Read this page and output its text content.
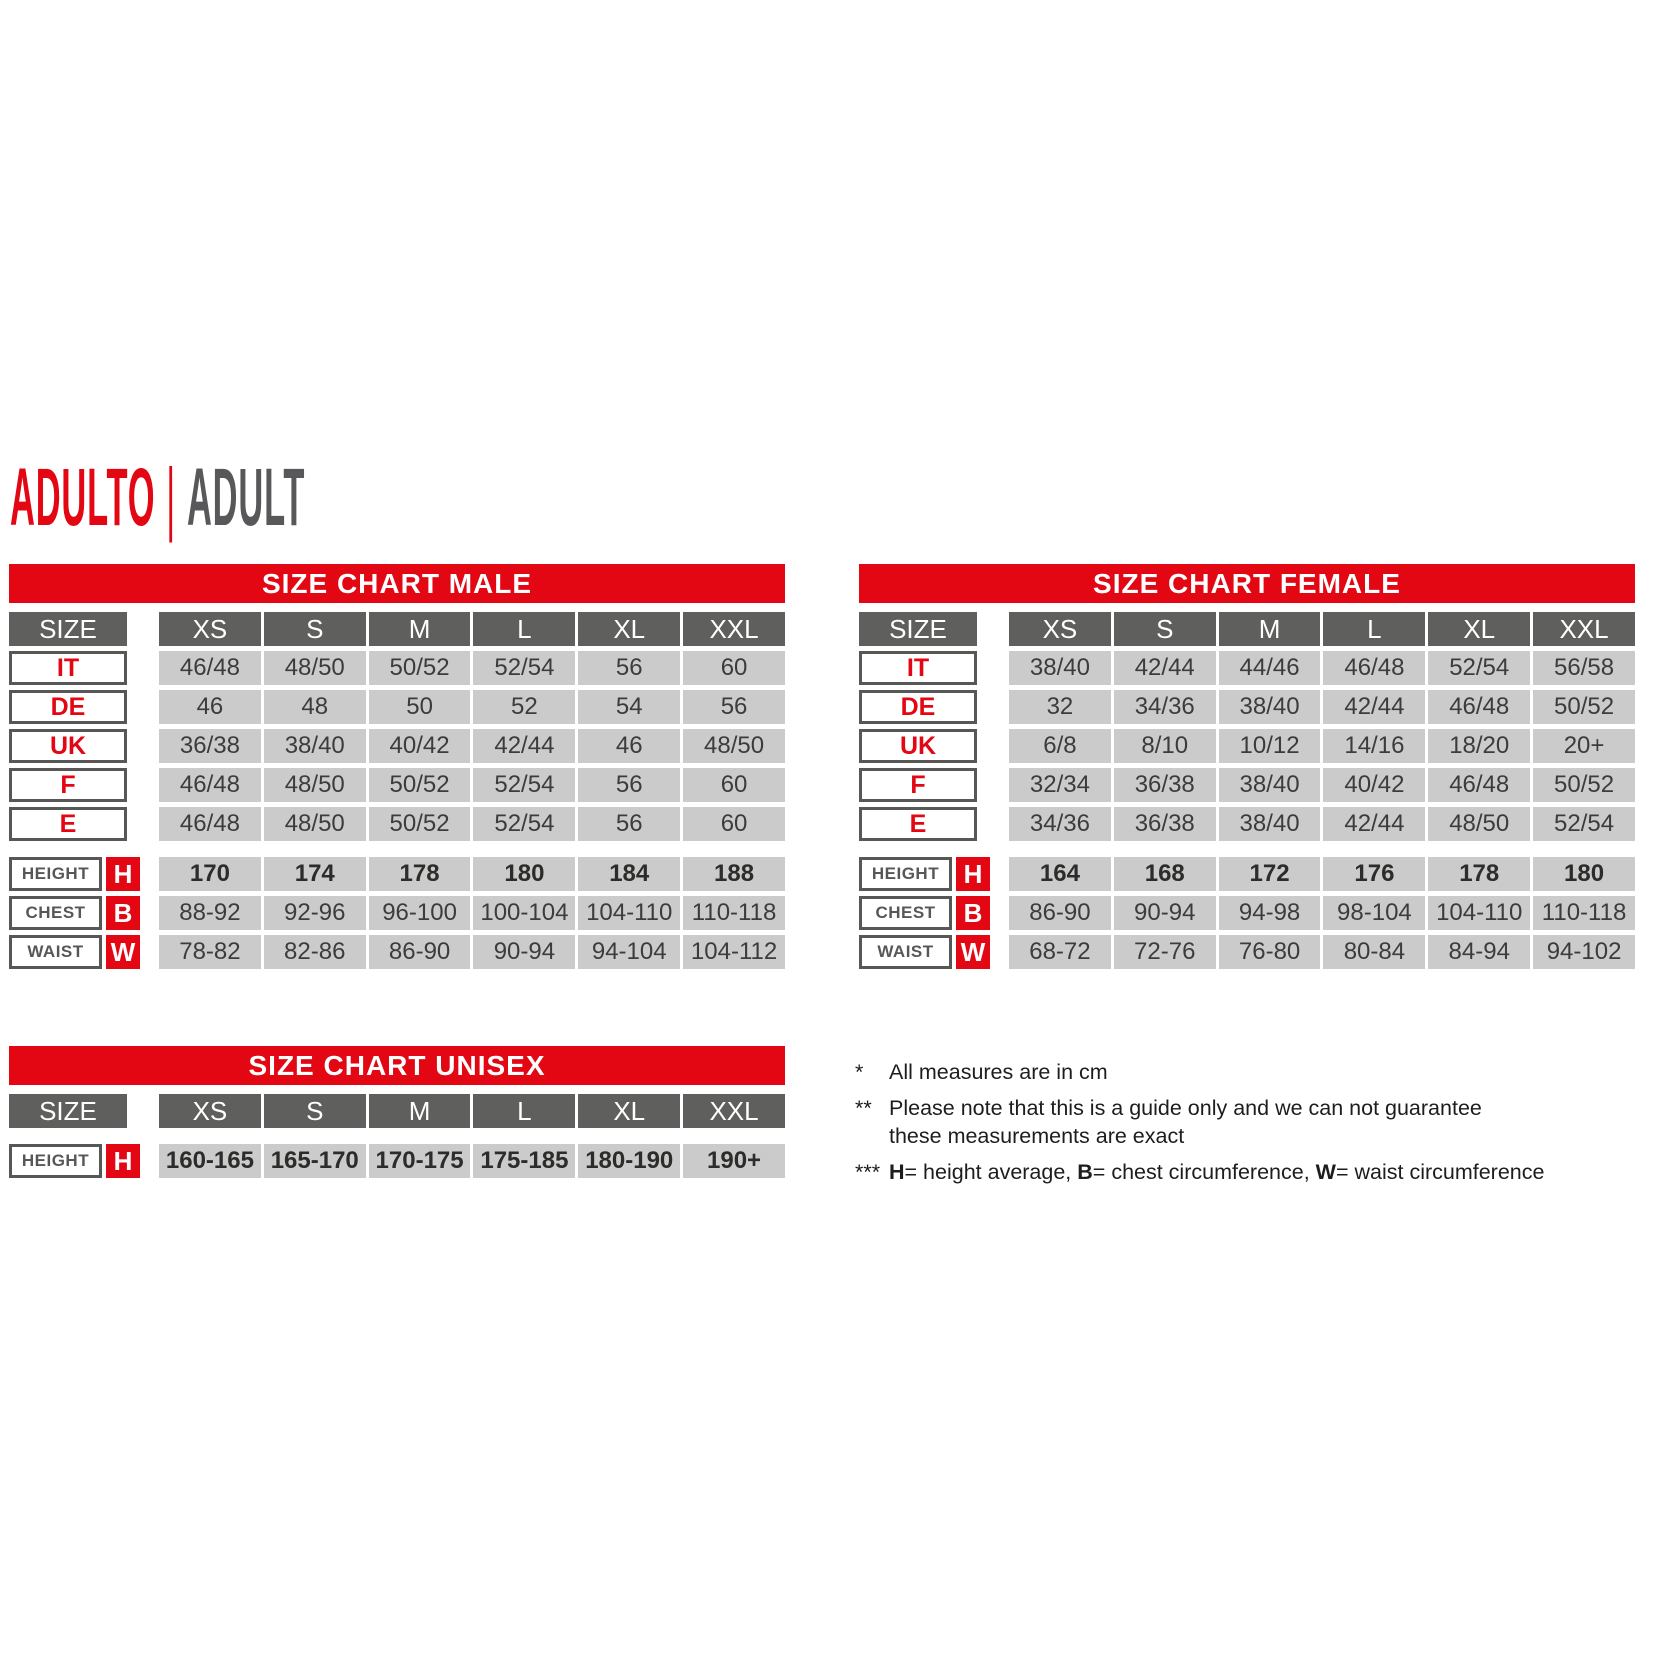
ADULTO | ADULT
SIZE CHART MALE
SIZE	XS	S	M	L	XL	XXL
IT	46/48	48/50	50/52	52/54	56	60
DE	46	48	50	52	54	56
UK	36/38	38/40	40/42	42/44	46	48/50
F	46/48	48/50	50/52	52/54	56	60
E	46/48	48/50	50/52	52/54	56	60
HEIGHT H	170	174	178	180	184	188
CHEST	B	88-92	92-96	96-100 100-104 104-110 110-118
WAIST	W	78-82	82-86	86-90	90-94	94-104	104-112
SIZE CHART FEMALE
SIZE	XS	S	M	L	XL	XXL
IT	38/40	42/44	44/46	46/48	52/54	56/58
DE	32	34/36	38/40	42/44	46/48	50/52
UK	6/8	8/10	10/12	14/16	18/20	20+
F	32/34	36/38	38/40	40/42	46/48	50/52
E	34/36	36/38	38/40	42/44	48/50	52/54
HEIGHT H	164	168	172	176	178	180
CHEST	B	86-90	90-94	94-98	98-104	104-110 110-118
WAIST	W	68-72	72-76	76-80	80-84	84-94	94-102
SIZE CHART UNISEX
SIZE	XS	S	M	L	XL	XXL
HEIGHT H	160-165 165-170 170-175 175-185 180-190	190+
*	All measures are in cm
** Please note that this is a guide only and we can not guarantee
these measurements are exact
*** H= height average, B= chest circumference, W= waist circumference
